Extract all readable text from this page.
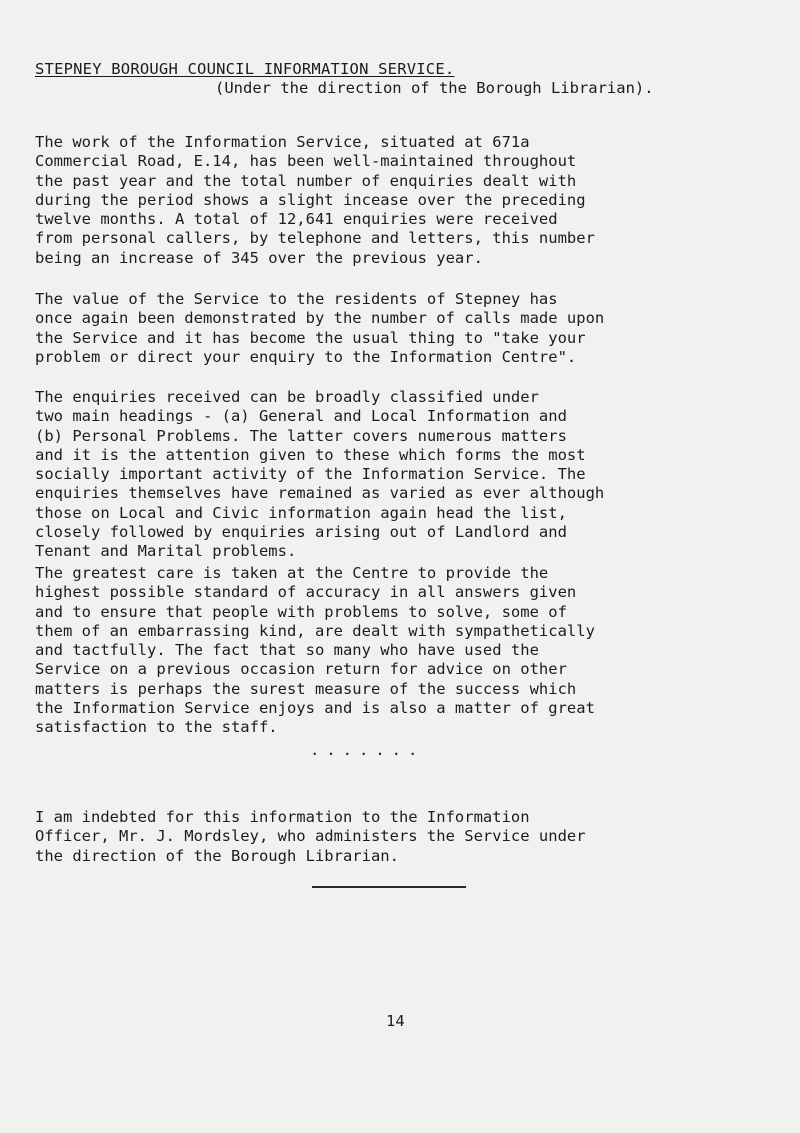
STEPNEY BOROUGH COUNCIL INFORMATION SERVICE.
(Under the direction of the Borough Librarian).

The work of the Information Service, situated at 671a
Commercial Road, E.14, has been well-maintained throughout
the past year and the total number of enquiries dealt with
during the period shows a slight incease over the preceding
twelve months. A total of 12,641 enquiries were received
from personal callers, by telephone and letters, this number
being an increase of 345 over the previous year.

The value of the Service to the residents of Stepney has
once again been demonstrated by the number of calls made upon
the Service and it has become the usual thing to "take your
problem or direct your enquiry to the Information Centre".

The enquiries received can be broadly classified under
two main headings - (a) General and Local Information and
(b) Personal Problems. The latter covers numerous matters
and it is the attention given to these which forms the most
socially important activity of the Information Service. The
enquiries themselves have remained as varied as ever although
those on Local and Civic information again head the list,
closely followed by enquiries arising out of Landlord and
Tenant and Marital problems.

The greatest care is taken at the Centre to provide the
highest possible standard of accuracy in all answers given
and to ensure that people with problems to solve, some of
them of an embarrassing kind, are dealt with sympathetically
and tactfully. The fact that so many who have used the
Service on a previous occasion return for advice on other
matters is perhaps the surest measure of the success which
the Information Service enjoys and is also a matter of great
satisfaction to the staff.

.......

I am indebted for this information to the Information
Officer, Mr. J. Mordsley, who administers the Service under
the direction of the Borough Librarian.

14
